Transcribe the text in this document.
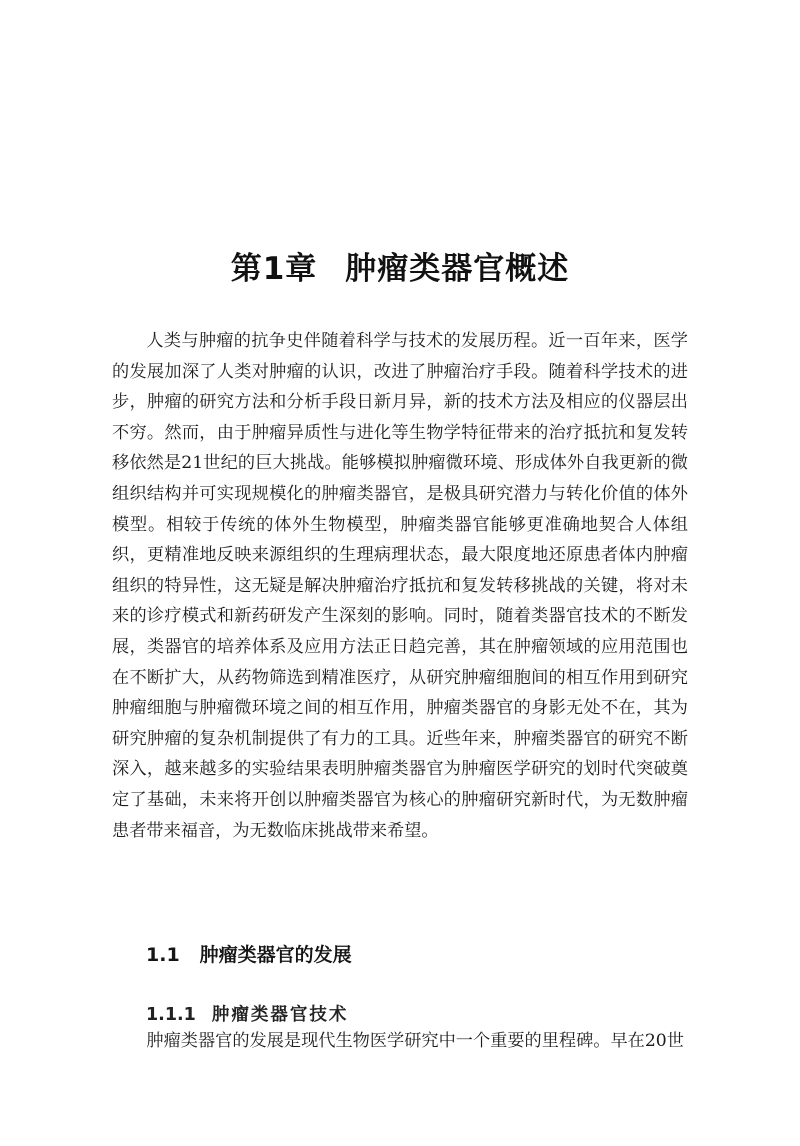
第1章 肿瘤类器官概述

人类与肿瘤的抗争史伴随着科学与技术的发展历程。近一百年来，医学的发展加深了人类对肿瘤的认识，改进了肿瘤治疗手段。随着科学技术的进步，肿瘤的研究方法和分析手段日新月异，新的技术方法及相应的仪器层出不穷。然而，由于肿瘤异质性与进化等生物学特征带来的治疗抵抗和复发转移依然是21世纪的巨大挑战。能够模拟肿瘤微环境、形成体外自我更新的微组织结构并可实现规模化的肿瘤类器官，是极具研究潜力与转化价值的体外模型。相较于传统的体外生物模型，肿瘤类器官能够更准确地契合人体组织，更精准地反映来源组织的生理病理状态，最大限度地还原患者体内肿瘤组织的特异性，这无疑是解决肿瘤治疗抵抗和复发转移挑战的关键，将对未来的诊疗模式和新药研发产生深刻的影响。同时，随着类器官技术的不断发展，类器官的培养体系及应用方法正日趋完善，其在肿瘤领域的应用范围也在不断扩大，从药物筛选到精准医疗，从研究肿瘤细胞间的相互作用到研究肿瘤细胞与肿瘤微环境之间的相互作用，肿瘤类器官的身影无处不在，其为研究肿瘤的复杂机制提供了有力的工具。近些年来，肿瘤类器官的研究不断深入，越来越多的实验结果表明肿瘤类器官为肿瘤医学研究的划时代突破奠定了基础，未来将开创以肿瘤类器官为核心的肿瘤研究新时代，为无数肿瘤患者带来福音，为无数临床挑战带来希望。

1.1 肿瘤类器官的发展
1.1.1 肿瘤类器官技术

肿瘤类器官的发展是现代生物医学研究中一个重要的里程碑。早在20世
